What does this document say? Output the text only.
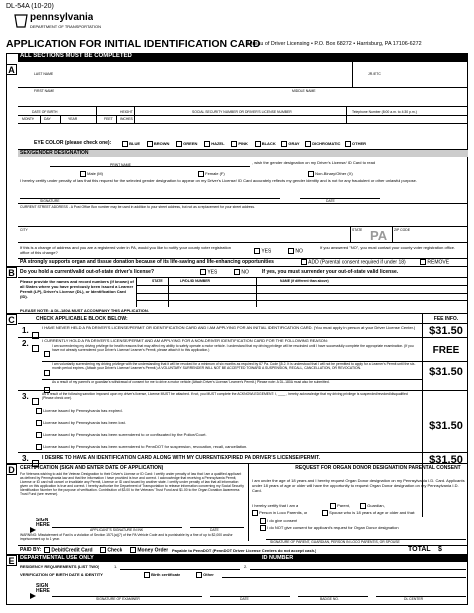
DL-54A (10-20)
pennsylvania
DEPARTMENT OF TRANSPORTATION
APPLICATION FOR INITIAL IDENTIFICATION CARD
Bureau of Driver Licensing • P.O. Box 68272 • Harrisburg, PA 17106-6272
ALL SECTIONS MUST BE COMPLETED
A	LAST NAME	JR./ETC
FIRST NAME	MIDDLE NAME
DATE OF BIRTH	HEIGHT	SOCIAL SECURITY NUMBER OR DRIVER'S LICENSE NUMBER	Telephone Number (8:00 a.m. to 4:30 p.m.)
MONTH	DAY	YEAR	FEET INCHES
EYE COLOR (please check one):	BLUE	BROWN	GREEN	HAZEL	PINK	BLACK	GRAY	DICHROMATIC	OTHER
SEX/GENDER DESIGNATION
PRINT NAME	, wish the gender designation on my Driver's License/ ID Card to read
Male (M)	Female (F)	Non-Binary/Other (X)
I hereby certify under penalty of law that this request for the selected gender designation to appear on my Driver's License/ ID Card accurately reflects my gender identity and is not for any fraudulent or other unlawful purpose.
SIGNATURE	DATE
CURRENT STREET ADDRESS - A Post Office Box number may be used in addition to your street address, but not as a replacement for your street address.
CITY	STATE PA ZIP CODE
If this is a change of address and you are a registered voter in PA, would you like to notify your county voter registration office of this change?	YES	NO
If you answered "NO", you must contact your county voter registration office.
PA strongly supports organ and tissue donation because of its life-saving and life-enhancing opportunities	ADD (Parental consent required if under 18)	REMOVE
B	Do you hold a current/valid out-of-state driver's license?	YES	NO	If yes, you must surrender your out-of-state valid license.
Please provide the names and record numbers (if known) of all States where you have previously been issued a Learner Permit (LP), Driver's License (DL), or Identification Card (ID).
STATE	LP/DL/ID NUMBER	NAME (if different than above)
PLEASE NOTE: A DL-180A MUST ACCOMPANY THIS APPLICATION.
C	CHECK APPLICABLE BLOCK BELOW:	FEE INFO.
1.	I HAVE NEVER HELD A PA DRIVER'S LICENSE/PERMIT OR IDENTIFICATION CARD AND I AM APPLYING FOR AN INITIAL IDENTIFICATION CARD. (You must apply in person at your Driver License Center.)	$31.50
2.	I CURRENTLY HOLD A PA DRIVER'S LICENSE/PERMIT AND AM APPLYING FOR A NON-DRIVER IDENTIFICATION CARD FOR THE FOLLOWING REASON:
I am surrendering my driving privilege for health reasons that may affect my ability to safely operate a motor vehicle. I understand that my driving privilege will be rescinded until I have successfully complete the appropriate examination. (If you have not already surrendered your Driver's License/ Learner's Permit, please attach it to this application.)	FREE
I am voluntarily surrendering my driving privilege with the understanding that it will be revoked for a minimum of six months as required by 67 Pa. Code §5.2. It is understood that I will not be permitted to apply for a Learner's Permit until the six-month period expires. (Attach your Driver's License/ Learner's Permit.) A VOLUNTARY SURRENDER WILL NOT BE ACCEPTED TOWARD A SUSPENSION, RECALL, CANCELLATION, OR REVOCATION.	$31.50
As a result of my parent's or guardian's withdrawal of consent for me to drive a motor vehicle (Attach Driver's License/ Learner's Permit.) Please note: A DL-180A must also be submitted.
3.	As a result of the following sanction imposed upon my driver's license, License MUST be attached. If not, you MUST complete the ACKNOWLEDGEMENT: I, ____ , hereby acknowledge that my driving privilege is suspended/revoked/disqualified (Please check one).
License issued by Pennsylvania has expired.
License issued by Pennsylvania has been lost.
License issued by Pennsylvania has been surrendered to or confiscated by the Police/Court.
License issued by Pennsylvania has been surrendered to PennDOT for suspension, revocation, recall, cancellation.
$31.50
3.	I DESIRE TO HAVE AN IDENTIFICATION CARD ALONG WITH MY CURRENT/EXPIRED PA DRIVER'S LICENSE/PERMIT.	$31.50
D	CERTIFICATION (SIGN AND ENTER DATE OF APPLICATION)
For Veterans wishing to add the Veteran Designation to their Driver's License or ID Card: I certify under penalty of law that I am a qualified applicant as defined by Pennsylvania law and that the information I have provided is true and correct. I acknowledge that receiving a Pennsylvania Permit, License or ID card will cancel or invalidate any Permit, License or ID card issued by another state. I certify under penalty of law that all information given on this application is true and correct. I hereby authorize the Department of Transportation to release information concerning my Social Security Identification Number for the purpose of verification. Contribution of $3.00 to the Veterans' Trust Fund and $1.00 to the Organ Donation Awareness Trust Fund (see reverse).
SIGN HERE
APPLICANT'S SIGNATURE IN INK	DATE
WARNING: Misstatement of Fact is a violation of Section 1571(a)(7) of the PA Vehicle Code and is punishable by a fine of up to $2,000 and/or imprisonment up to 1 year.
REQUEST FOR ORGAN DONOR DESIGNATION PARENTAL CONSENT
I am under the age of 18 years and I hereby request Organ Donor designation on my Pennsylvania I.D. Card. Applicants under 18 years of age or older will have the opportunity to request Organ Donor designation on my Pennsylvania I.D. Card.
I hereby certify that I am a	Parent,	Guardian,
Person in Loco Parentis, or	Spouse who is 18 years of age or older and that:
I do give consent
I do NOT give consent for applicant's request for Organ Donor designation
SIGNATURE OF PARENT, GUARDIAN, PERSON IN LOCO PARENTIS, OR SPOUSE
PAID BY:	Debit/Credit Card	Check	Money Order Payable to PennDOT (PennDOT Driver License Centers do not accept cash.)	TOTAL $
E	DEPARTMENTAL USE ONLY	ID NUMBER
RESIDENCY REQUIREMENTS (LIST TWO)	1.	2.
VERIFICATION OF BIRTH DATE & IDENTITY	Birth certificate	Other
SIGN HERE
SIGNATURE OF EXAMINER	DATE	BADGE NO.	DL CENTER
